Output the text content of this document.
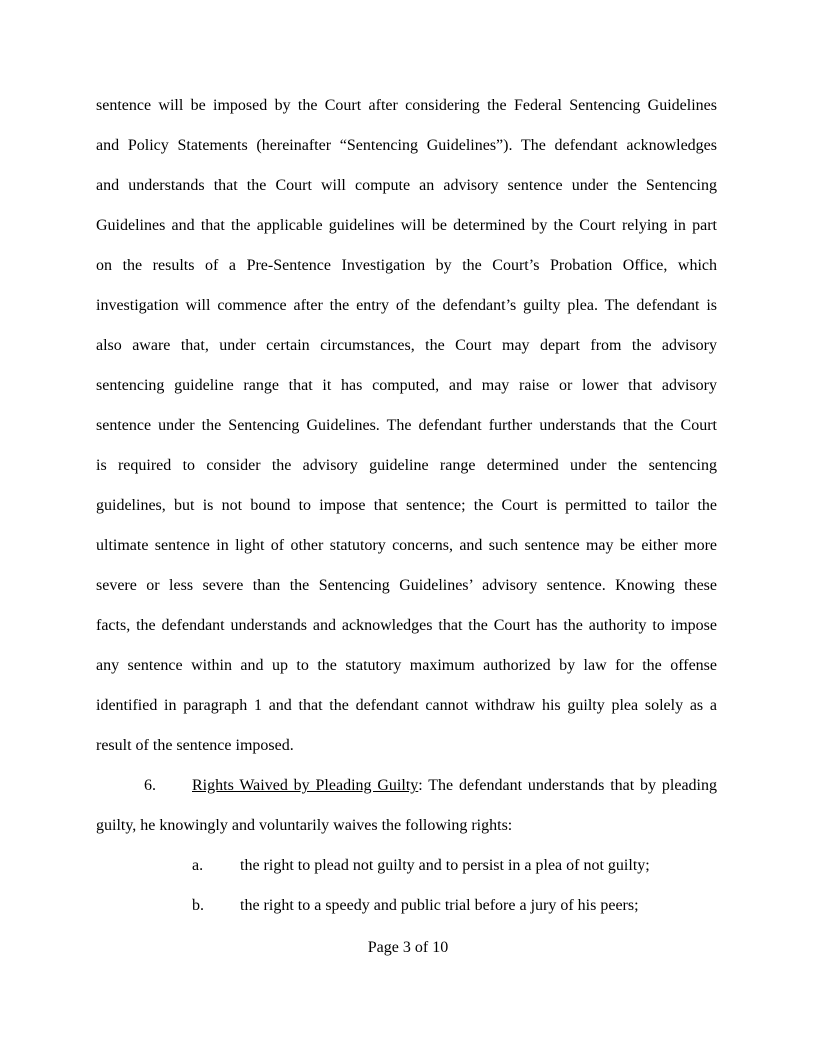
sentence will be imposed by the Court after considering the Federal Sentencing Guidelines
and Policy Statements (hereinafter “Sentencing Guidelines”). The defendant acknowledges
and understands that the Court will compute an advisory sentence under the Sentencing
Guidelines and that the applicable guidelines will be determined by the Court relying in part
on the results of a Pre-Sentence Investigation by the Court’s Probation Office, which
investigation will commence after the entry of the defendant’s guilty plea. The defendant is
also aware that, under certain circumstances, the Court may depart from the advisory
sentencing guideline range that it has computed, and may raise or lower that advisory
sentence under the Sentencing Guidelines. The defendant further understands that the Court
is required to consider the advisory guideline range determined under the sentencing
guidelines, but is not bound to impose that sentence; the Court is permitted to tailor the
ultimate sentence in light of other statutory concerns, and such sentence may be either more
severe or less severe than the Sentencing Guidelines’ advisory sentence. Knowing these
facts, the defendant understands and acknowledges that the Court has the authority to impose
any sentence within and up to the statutory maximum authorized by law for the offense
identified in paragraph 1 and that the defendant cannot withdraw his guilty plea solely as a
result of the sentence imposed.
6. Rights Waived by Pleading Guilty: The defendant understands that by pleading
guilty, he knowingly and voluntarily waives the following rights:
a. the right to plead not guilty and to persist in a plea of not guilty;
b. the right to a speedy and public trial before a jury of his peers;
Page 3 of 10
